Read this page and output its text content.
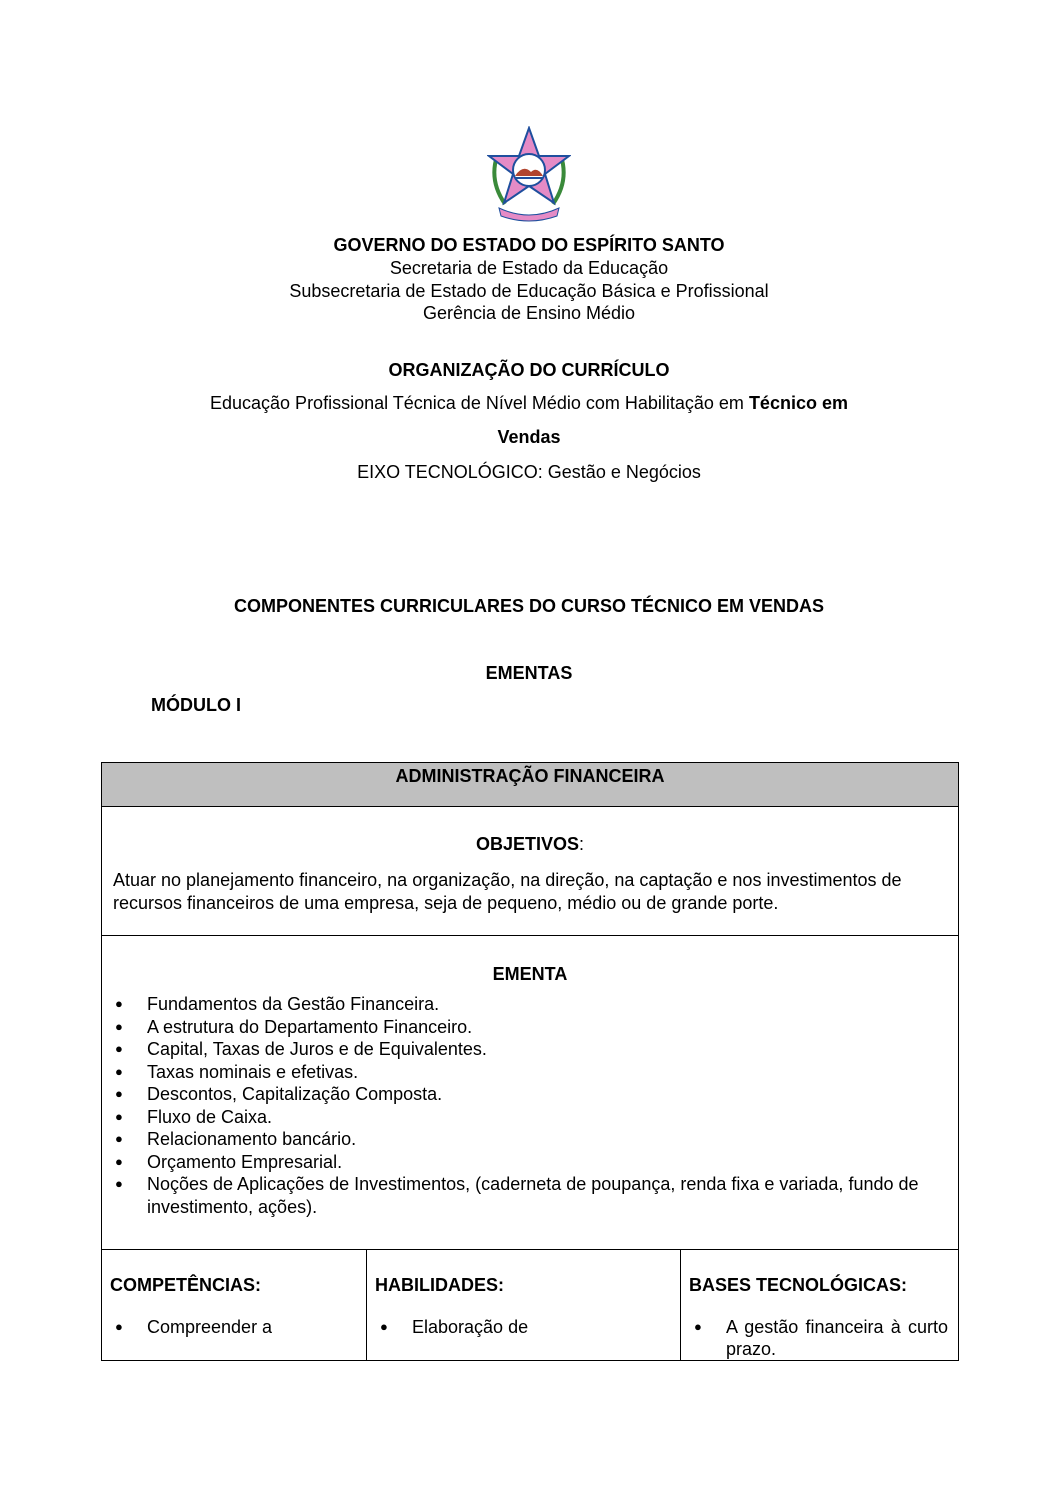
GOVERNO DO ESTADO DO ESPÍRITO SANTO
Secretaria de Estado da Educação
Subsecretaria de Estado de Educação Básica e Profissional
Gerência de Ensino Médio
ORGANIZAÇÃO DO CURRÍCULO
Educação Profissional Técnica de Nível Médio com Habilitação em Técnico em
Vendas
EIXO TECNOLÓGICO: Gestão e Negócios
COMPONENTES CURRICULARES DO CURSO TÉCNICO EM VENDAS
EMENTAS
MÓDULO I
ADMINISTRAÇÃO FINANCEIRA

OBJETIVOS:
Atuar no planejamento financeiro, na organização, na direção, na captação e nos investimentos de recursos financeiros de uma empresa, seja de pequeno, médio ou de grande porte.

EMENTA
● Fundamentos da Gestão Financeira.
● A estrutura do Departamento Financeiro.
● Capital, Taxas de Juros e de Equivalentes.
● Taxas nominais e efetivas.
● Descontos, Capitalização Composta.
● Fluxo de Caixa.
● Relacionamento bancário.
● Orçamento Empresarial.
● Noções de Aplicações de Investimentos, (caderneta de poupança, renda fixa e variada, fundo de investimento, ações).

COMPETÊNCIAS:
● Compreender a

HABILIDADES:
● Elaboração de

BASES TECNOLÓGICAS:
● A gestão financeira à curto prazo.
